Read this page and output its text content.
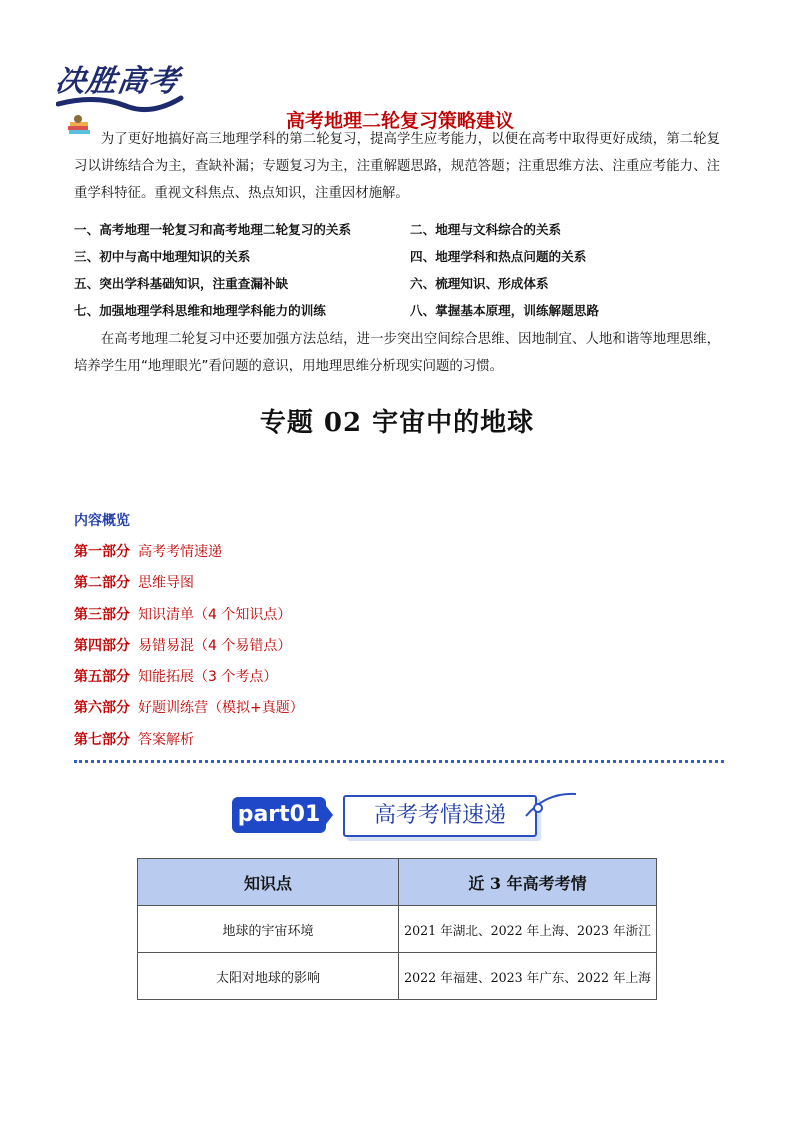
决胜高考
高考地理二轮复习策略建议

为了更好地搞好高三地理学科的第二轮复习，提高学生应考能力，以便在高考中取得更好成绩，第二轮复习以讲练结合为主，查缺补漏；专题复习为主，注重解题思路，规范答题；注重思维方法、注重应考能力、注重学科特征。重视文科焦点、热点知识，注重因材施解。

一、高考地理一轮复习和高考地理二轮复习的关系	二、地理与文科综合的关系
三、初中与高中地理知识的关系	四、地理学科和热点问题的关系
五、突出学科基础知识，注重查漏补缺	六、梳理知识、形成体系
七、加强地理学科思维和地理学科能力的训练	八、掌握基本原理，训练解题思路

在高考地理二轮复习中还要加强方法总结，进一步突出空间综合思维、因地制宜、人地和谐等地理思维，培养学生用“地理眼光”看问题的意识，用地理思维分析现实问题的习惯。

专题 02 宇宙中的地球
内容概览
第一部分 高考考情速递
第二部分 思维导图
第三部分 知识清单（4 个知识点）
第四部分 易错易混（4 个易错点）
第五部分 知能拓展（3 个考点）
第六部分 好题训练营（模拟+真题）
第七部分 答案解析
part01	高考考情速递
知识点	近 3 年高考考情
地球的宇宙环境	2021 年湖北、2022 年上海、2023 年浙江
太阳对地球的影响	2022 年福建、2023 年广东、2022 年上海
